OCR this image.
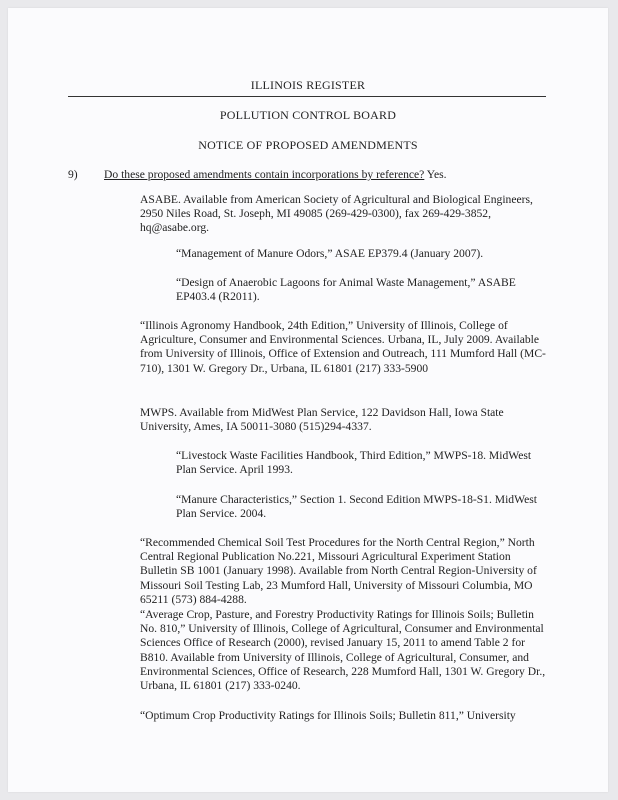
ILLINOIS REGISTER
POLLUTION CONTROL BOARD
NOTICE OF PROPOSED AMENDMENTS
9) Do these proposed amendments contain incorporations by reference? Yes.
ASABE. Available from American Society of Agricultural and Biological Engineers, 2950 Niles Road, St. Joseph, MI 49085 (269-429-0300), fax 269-429-3852, hq@asabe.org.
“Management of Manure Odors,” ASAE EP379.4 (January 2007).
“Design of Anaerobic Lagoons for Animal Waste Management,” ASABE EP403.4 (R2011).
“Illinois Agronomy Handbook, 24th Edition,” University of Illinois, College of Agriculture, Consumer and Environmental Sciences. Urbana, IL, July 2009. Available from University of Illinois, Office of Extension and Outreach, 111 Mumford Hall (MC-710), 1301 W. Gregory Dr., Urbana, IL 61801 (217) 333-5900
MWPS. Available from MidWest Plan Service, 122 Davidson Hall, Iowa State University, Ames, IA 50011-3080 (515)294-4337.
“Livestock Waste Facilities Handbook, Third Edition,” MWPS-18. MidWest Plan Service. April 1993.
“Manure Characteristics,” Section 1. Second Edition MWPS-18-S1. MidWest Plan Service. 2004.
“Recommended Chemical Soil Test Procedures for the North Central Region,” North Central Regional Publication No.221, Missouri Agricultural Experiment Station Bulletin SB 1001 (January 1998). Available from North Central Region-University of Missouri Soil Testing Lab, 23 Mumford Hall, University of Missouri Columbia, MO 65211 (573) 884-4288.
“Average Crop, Pasture, and Forestry Productivity Ratings for Illinois Soils; Bulletin No. 810,” University of Illinois, College of Agricultural, Consumer and Environmental Sciences Office of Research (2000), revised January 15, 2011 to amend Table 2 for B810. Available from University of Illinois, College of Agricultural, Consumer, and Environmental Sciences, Office of Research, 228 Mumford Hall, 1301 W. Gregory Dr., Urbana, IL 61801 (217) 333-0240.
“Optimum Crop Productivity Ratings for Illinois Soils; Bulletin 811,” University
